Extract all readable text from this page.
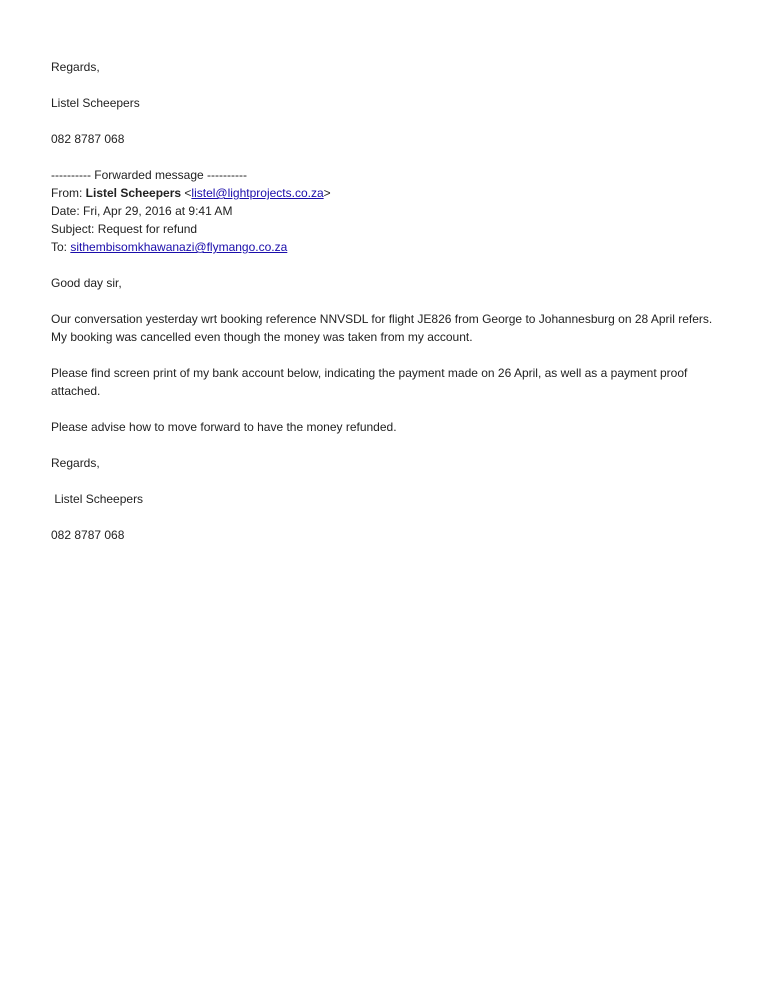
Regards,
Listel Scheepers
082 8787 068
---------- Forwarded message ----------
From: Listel Scheepers <listel@lightprojects.co.za>
Date: Fri, Apr 29, 2016 at 9:41 AM
Subject: Request for refund
To: sithembisomkhawanazi@flymango.co.za
Good day sir,
Our conversation yesterday wrt booking reference NNVSDL for flight JE826 from George to Johannesburg on 28 April refers.  My booking was cancelled even though the money was taken from my account.
Please find screen print of my bank account below, indicating the payment made on 26 April, as well as a payment proof attached.
Please advise how to move forward to have the money refunded.
Regards,
Listel Scheepers
082 8787 068
